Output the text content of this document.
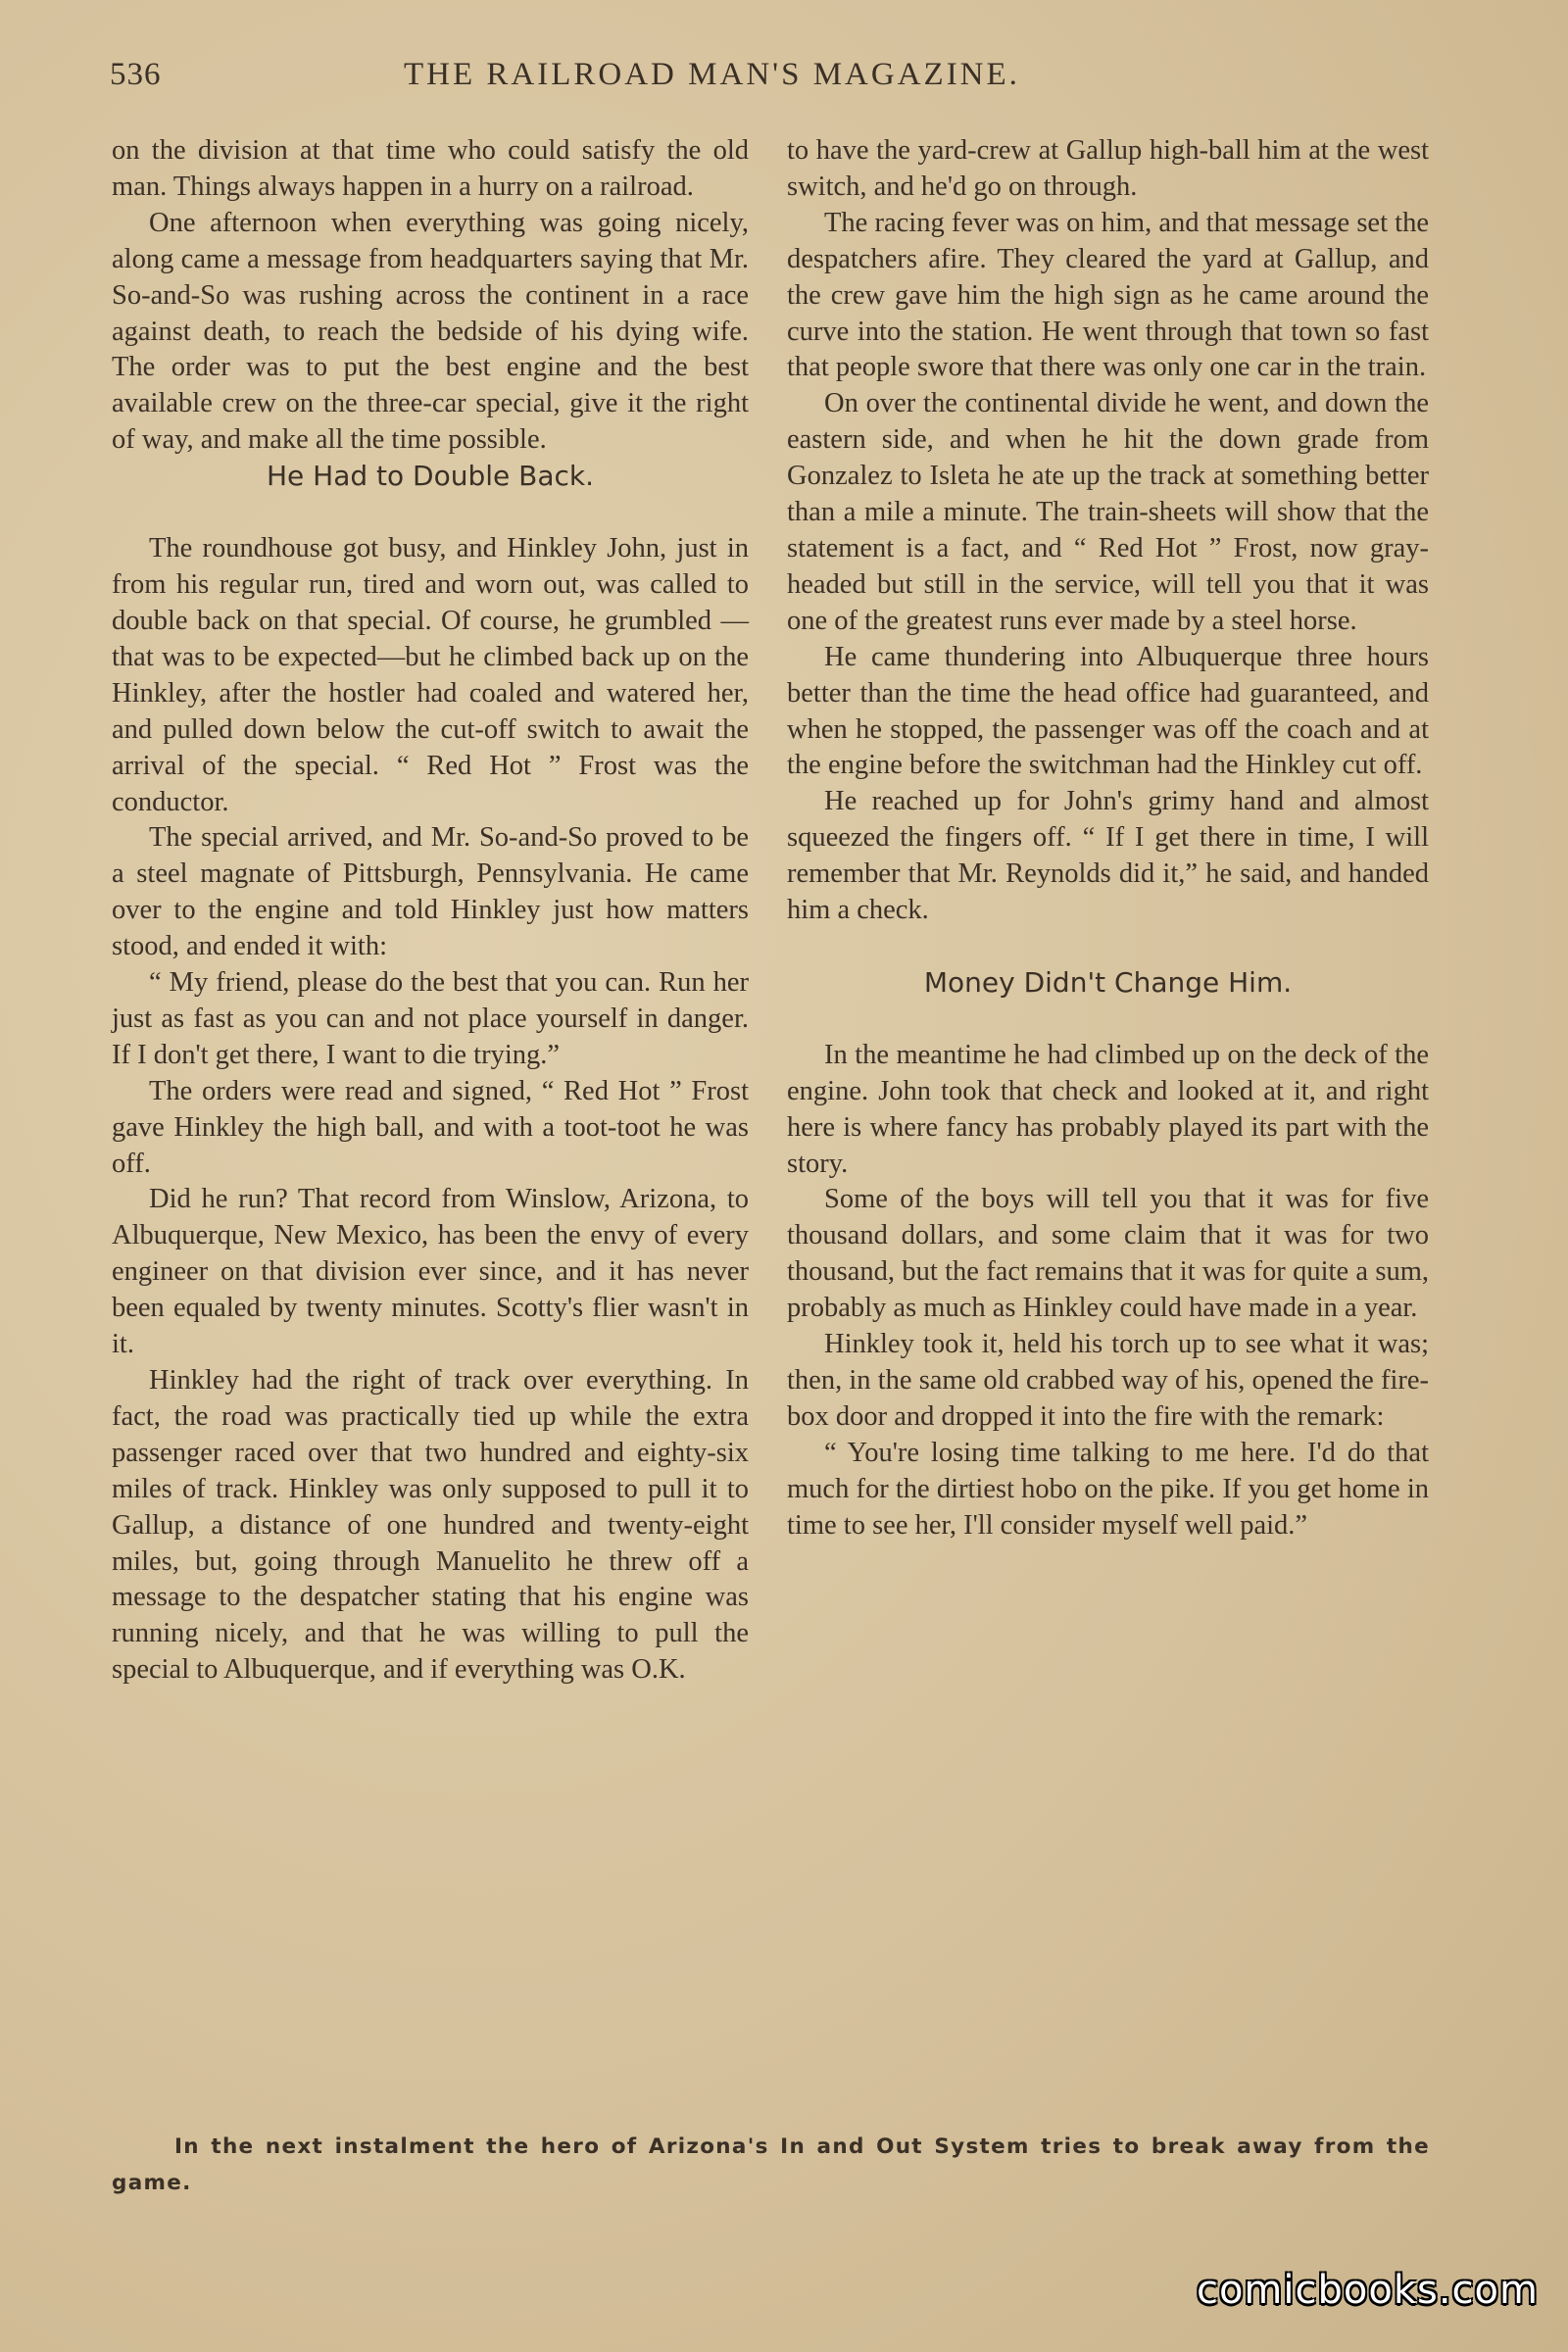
536	THE RAILROAD MAN'S MAGAZINE.

on the division at that time who could satisfy the old man. Things always happen in a hurry on a railroad.

One afternoon when everything was going nicely, along came a message from headquarters saying that Mr. So-and-So was rushing across the continent in a race against death, to reach the bedside of his dying wife. The order was to put the best engine and the best available crew on the three-car special, give it the right of way, and make all the time possible.

He Had to Double Back.

The roundhouse got busy, and Hinkley John, just in from his regular run, tired and worn out, was called to double back on that special. Of course, he grumbled —that was to be expected—but he climbed back up on the Hinkley, after the hostler had coaled and watered her, and pulled down below the cut-off switch to await the arrival of the special. “ Red Hot ” Frost was the conductor.

The special arrived, and Mr. So-and-So proved to be a steel magnate of Pittsburgh, Pennsylvania. He came over to the engine and told Hinkley just how matters stood, and ended it with:

“ My friend, please do the best that you can. Run her just as fast as you can and not place yourself in danger. If I don't get there, I want to die trying.”

The orders were read and signed, “ Red Hot ” Frost gave Hinkley the high ball, and with a toot-toot he was off.

Did he run? That record from Winslow, Arizona, to Albuquerque, New Mexico, has been the envy of every engineer on that division ever since, and it has never been equaled by twenty minutes. Scotty's flier wasn't in it.

Hinkley had the right of track over everything. In fact, the road was practically tied up while the extra passenger raced over that two hundred and eighty-six miles of track. Hinkley was only supposed to pull it to Gallup, a distance of one hundred and twenty-eight miles, but, going through Manuelito he threw off a message to the despatcher stating that his engine was running nicely, and that he was willing to pull the special to Albuquerque, and if everything was O.K.

to have the yard-crew at Gallup high-ball him at the west switch, and he'd go on through.

The racing fever was on him, and that message set the despatchers afire. They cleared the yard at Gallup, and the crew gave him the high sign as he came around the curve into the station. He went through that town so fast that people swore that there was only one car in the train.

On over the continental divide he went, and down the eastern side, and when he hit the down grade from Gonzalez to Isleta he ate up the track at something better than a mile a minute. The train-sheets will show that the statement is a fact, and “ Red Hot ” Frost, now gray-headed but still in the service, will tell you that it was one of the greatest runs ever made by a steel horse.

He came thundering into Albuquerque three hours better than the time the head office had guaranteed, and when he stopped, the passenger was off the coach and at the engine before the switchman had the Hinkley cut off.

He reached up for John's grimy hand and almost squeezed the fingers off. “ If I get there in time, I will remember that Mr. Reynolds did it,” he said, and handed him a check.

Money Didn't Change Him.

In the meantime he had climbed up on the deck of the engine. John took that check and looked at it, and right here is where fancy has probably played its part with the story.

Some of the boys will tell you that it was for five thousand dollars, and some claim that it was for two thousand, but the fact remains that it was for quite a sum, probably as much as Hinkley could have made in a year.

Hinkley took it, held his torch up to see what it was; then, in the same old crabbed way of his, opened the fire-box door and dropped it into the fire with the remark:

“ You're losing time talking to me here. I'd do that much for the dirtiest hobo on the pike. If you get home in time to see her, I'll consider myself well paid.”

In the next instalment the hero of Arizona's In and Out System tries to break away from the game.
comicbooks.com
